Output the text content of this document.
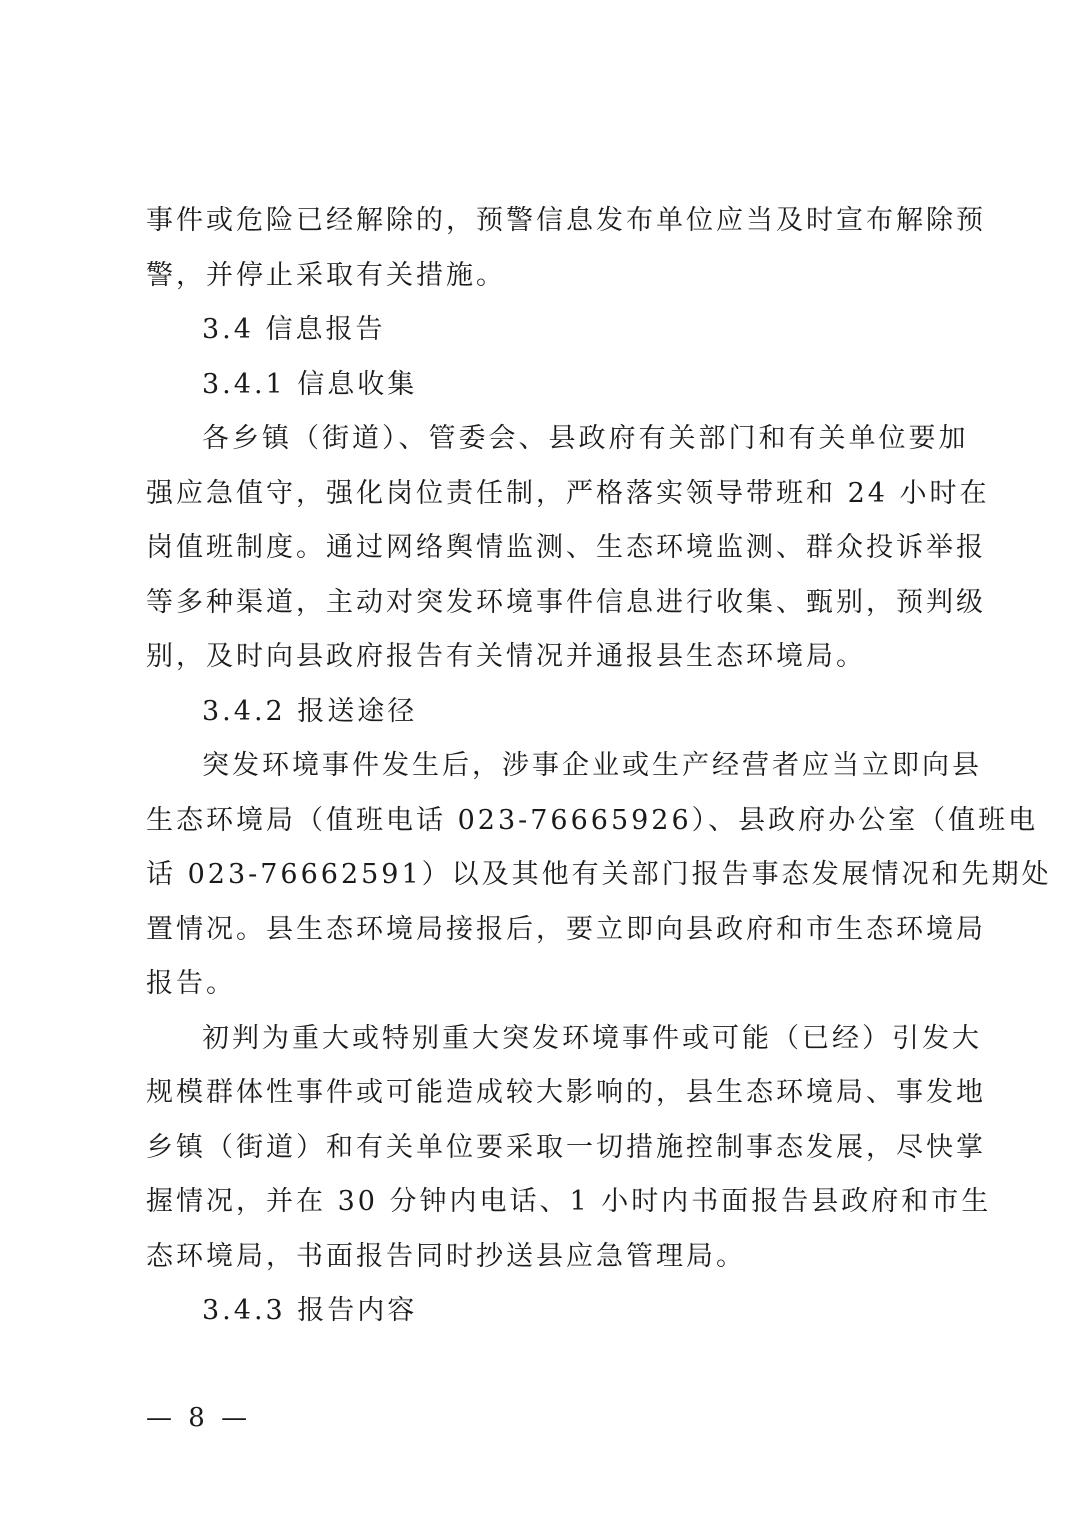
事件或危险已经解除的，预警信息发布单位应当及时宣布解除预
警，并停止采取有关措施。
3.4 信息报告
3.4.1 信息收集
各乡镇（街道）、管委会、县政府有关部门和有关单位要加
强应急值守，强化岗位责任制，严格落实领导带班和 24 小时在
岗值班制度。通过网络舆情监测、生态环境监测、群众投诉举报
等多种渠道，主动对突发环境事件信息进行收集、甄别，预判级
别，及时向县政府报告有关情况并通报县生态环境局。
3.4.2 报送途径
突发环境事件发生后，涉事企业或生产经营者应当立即向县
生态环境局（值班电话 023-76665926）、县政府办公室（值班电
话 023-76662591）以及其他有关部门报告事态发展情况和先期处
置情况。县生态环境局接报后，要立即向县政府和市生态环境局
报告。
初判为重大或特别重大突发环境事件或可能（已经）引发大
规模群体性事件或可能造成较大影响的，县生态环境局、事发地
乡镇（街道）和有关单位要采取一切措施控制事态发展，尽快掌
握情况，并在 30 分钟内电话、1 小时内书面报告县政府和市生
态环境局，书面报告同时抄送县应急管理局。
3.4.3 报告内容
— 8 —
